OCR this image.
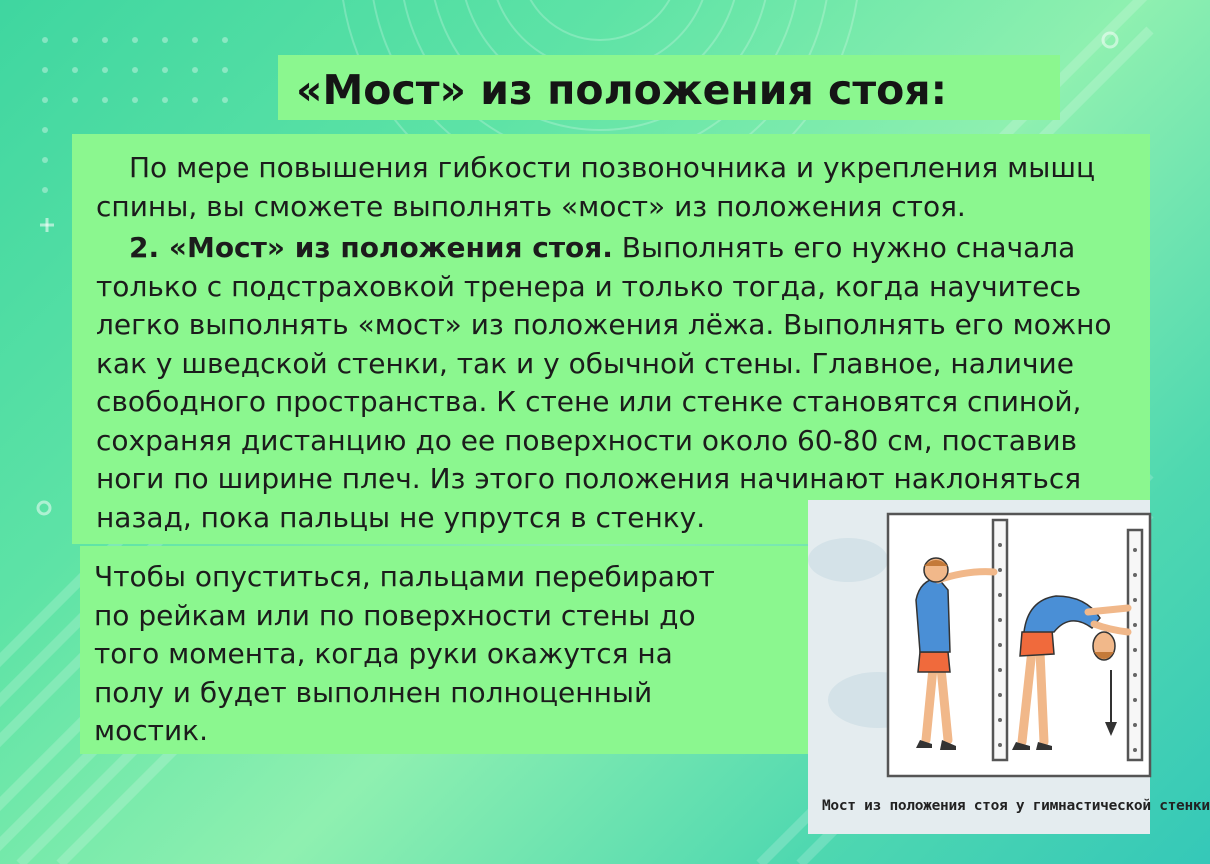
«Мост» из положения стоя:

По мере повышения гибкости позвоночника и укрепления мышц
спины, вы сможете выполнять «мост» из положения стоя.

2. «Мост» из положения стоя. Выполнять его нужно сначала
только с подстраховкой тренера и только тогда, когда научитесь
легко выполнять «мост» из положения лёжа. Выполнять его можно
как у шведской стенки, так и у обычной стены. Главное, наличие
свободного пространства. К стене или стенке становятся спиной,
сохраняя дистанцию до ее поверхности около 60-80 см, поставив
ноги по ширине плеч. Из этого положения начинают наклоняться
назад, пока пальцы не упрутся в стенку.

Чтобы опуститься, пальцами перебирают
по рейкам или по поверхности стены до
того момента, когда руки окажутся на
полу и будет выполнен полноценный
мостик.

Мост из положения стоя у гимнастической стенки
